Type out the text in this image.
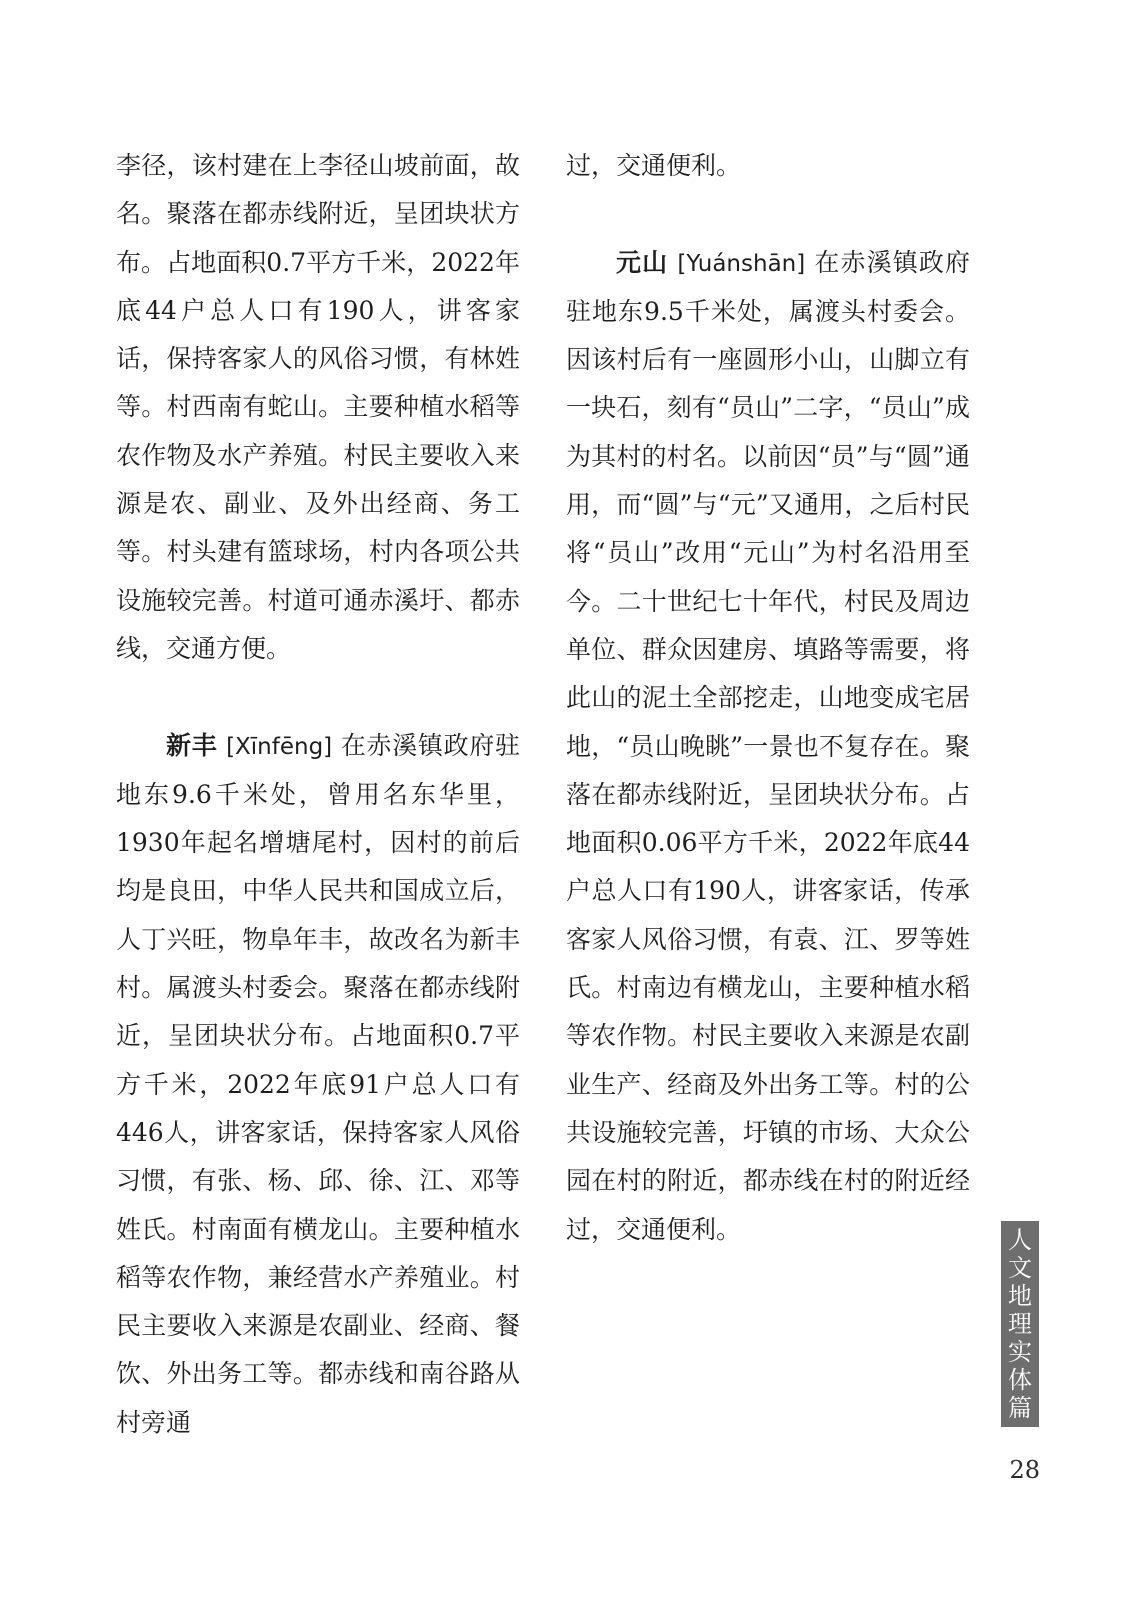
李径，该村建在上李径山坡前面，故名。聚落在都赤线附近，呈团块状方布。占地面积0.7平方千米，2022年底44户总人口有190人，讲客家话，保持客家人的风俗习惯，有林姓等。村西南有蛇山。主要种植水稻等农作物及水产养殖。村民主要收入来源是农、副业、及外出经商、务工等。村头建有篮球场，村内各项公共设施较完善。村道可通赤溪圩、都赤线，交通方便。

新丰 [Xīnfēng] 在赤溪镇政府驻地东9.6千米处，曾用名东华里，1930年起名增塘尾村，因村的前后均是良田，中华人民共和国成立后，人丁兴旺，物阜年丰，故改名为新丰村。属渡头村委会。聚落在都赤线附近，呈团块状分布。占地面积0.7平方千米，2022年底91户总人口有446人，讲客家话，保持客家人风俗习惯，有张、杨、邱、徐、江、邓等姓氏。村南面有横龙山。主要种植水稻等农作物，兼经营水产养殖业。村民主要收入来源是农副业、经商、餐饮、外出务工等。都赤线和南谷路从村旁通

过，交通便利。

元山 [Yuánshān] 在赤溪镇政府驻地东9.5千米处，属渡头村委会。因该村后有一座圆形小山，山脚立有一块石，刻有“员山”二字，“员山”成为其村的村名。以前因“员”与“圆”通用，而“圆”与“元”又通用，之后村民将“员山”改用“元山”为村名沿用至今。二十世纪七十年代，村民及周边单位、群众因建房、填路等需要，将此山的泥土全部挖走，山地变成宅居地，“员山晚眺”一景也不复存在。聚落在都赤线附近，呈团块状分布。占地面积0.06平方千米，2022年底44户总人口有190人，讲客家话，传承客家人风俗习惯，有袁、江、罗等姓氏。村南边有横龙山，主要种植水稻等农作物。村民主要收入来源是农副业生产、经商及外出务工等。村的公共设施较完善，圩镇的市场、大众公园在村的附近，都赤线在村的附近经过，交通便利。	人
文
地
理
实
体
篇
28
